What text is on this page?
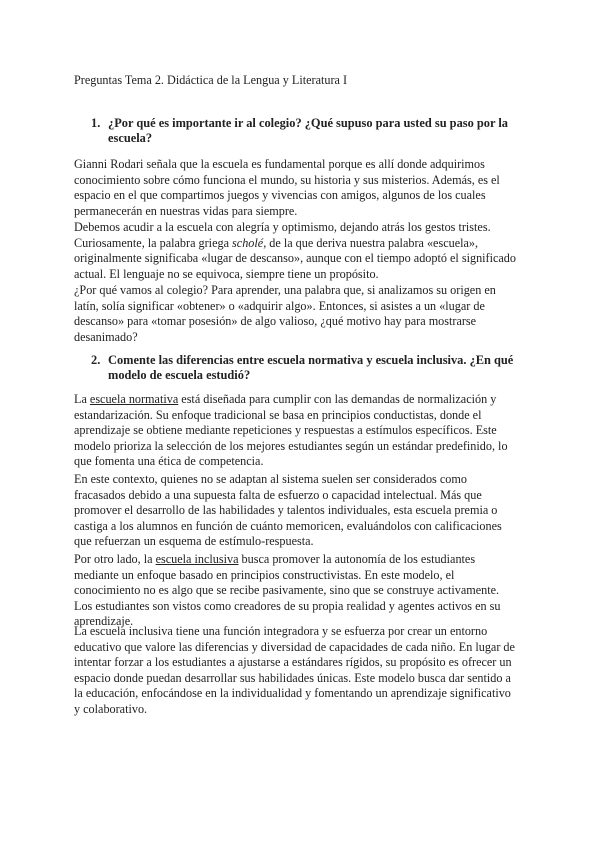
Preguntas Tema 2. Didáctica de la Lengua y Literatura I
1. ¿Por qué es importante ir al colegio? ¿Qué supuso para usted su paso por la escuela?

Gianni Rodari señala que la escuela es fundamental porque es allí donde adquirimos conocimiento sobre cómo funciona el mundo, su historia y sus misterios. Además, es el espacio en el que compartimos juegos y vivencias con amigos, algunos de los cuales permanecerán en nuestras vidas para siempre.

Debemos acudir a la escuela con alegría y optimismo, dejando atrás los gestos tristes. Curiosamente, la palabra griega scholé, de la que deriva nuestra palabra «escuela», originalmente significaba «lugar de descanso», aunque con el tiempo adoptó el significado actual. El lenguaje no se equivoca, siempre tiene un propósito.

¿Por qué vamos al colegio? Para aprender, una palabra que, si analizamos su origen en latín, solía significar «obtener» o «adquirir algo». Entonces, si asistes a un «lugar de descanso» para «tomar posesión» de algo valioso, ¿qué motivo hay para mostrarse desanimado?

2. Comente las diferencias entre escuela normativa y escuela inclusiva. ¿En qué modelo de escuela estudió?

La escuela normativa está diseñada para cumplir con las demandas de normalización y estandarización. Su enfoque tradicional se basa en principios conductistas, donde el aprendizaje se obtiene mediante repeticiones y respuestas a estímulos específicos. Este modelo prioriza la selección de los mejores estudiantes según un estándar predefinido, lo que fomenta una ética de competencia.

En este contexto, quienes no se adaptan al sistema suelen ser considerados como fracasados debido a una supuesta falta de esfuerzo o capacidad intelectual. Más que promover el desarrollo de las habilidades y talentos individuales, esta escuela premia o castiga a los alumnos en función de cuánto memoricen, evaluándolos con calificaciones que refuerzan un esquema de estímulo-respuesta.

Por otro lado, la escuela inclusiva busca promover la autonomía de los estudiantes mediante un enfoque basado en principios constructivistas. En este modelo, el conocimiento no es algo que se recibe pasivamente, sino que se construye activamente. Los estudiantes son vistos como creadores de su propia realidad y agentes activos en su aprendizaje.

La escuela inclusiva tiene una función integradora y se esfuerza por crear un entorno educativo que valore las diferencias y diversidad de capacidades de cada niño. En lugar de intentar forzar a los estudiantes a ajustarse a estándares rígidos, su propósito es ofrecer un espacio donde puedan desarrollar sus habilidades únicas. Este modelo busca dar sentido a la educación, enfocándose en la individualidad y fomentando un aprendizaje significativo y colaborativo.
